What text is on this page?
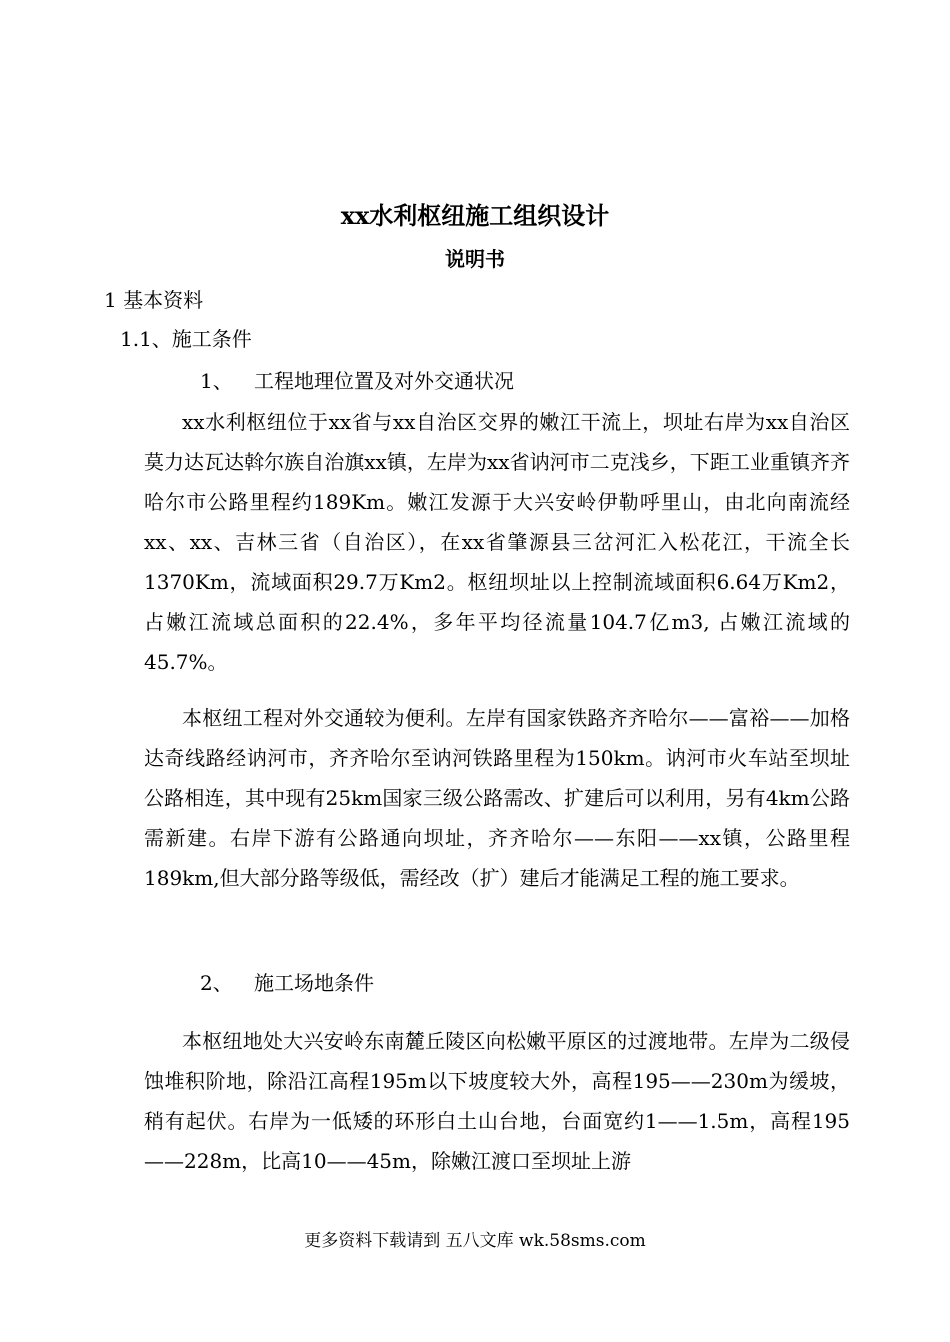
xx水利枢纽施工组织设计
说明书
1 基本资料
1.1、施工条件
1、 工程地理位置及对外交通状况
xx水利枢纽位于xx省与xx自治区交界的嫩江干流上，坝址右岸为xx自治区莫力达瓦达斡尔族自治旗xx镇，左岸为xx省讷河市二克浅乡，下距工业重镇齐齐哈尔市公路里程约189Km。嫩江发源于大兴安岭伊勒呼里山，由北向南流经xx、xx、吉林三省（自治区），在xx省肇源县三岔河汇入松花江，干流全长1370Km，流域面积29.7万Km2。枢纽坝址以上控制流域面积6.64万Km2，占嫩江流域总面积的22.4%，多年平均径流量104.7亿m3, 占嫩江流域的45.7%。
本枢纽工程对外交通较为便利。左岸有国家铁路齐齐哈尔——富裕——加格达奇线路经讷河市，齐齐哈尔至讷河铁路里程为150km。讷河市火车站至坝址公路相连，其中现有25km国家三级公路需改、扩建后可以利用，另有4km公路需新建。右岸下游有公路通向坝址，齐齐哈尔——东阳——xx镇，公路里程189km,但大部分路等级低，需经改（扩）建后才能满足工程的施工要求。
2、 施工场地条件
本枢纽地处大兴安岭东南麓丘陵区向松嫩平原区的过渡地带。左岸为二级侵蚀堆积阶地，除沿江高程195m以下坡度较大外，高程195——230m为缓坡，稍有起伏。右岸为一低矮的环形白土山台地，台面宽约1——1.5m，高程195——228m，比高10——45m，除嫩江渡口至坝址上游
更多资料下载请到 五八文库 wk.58sms.com
